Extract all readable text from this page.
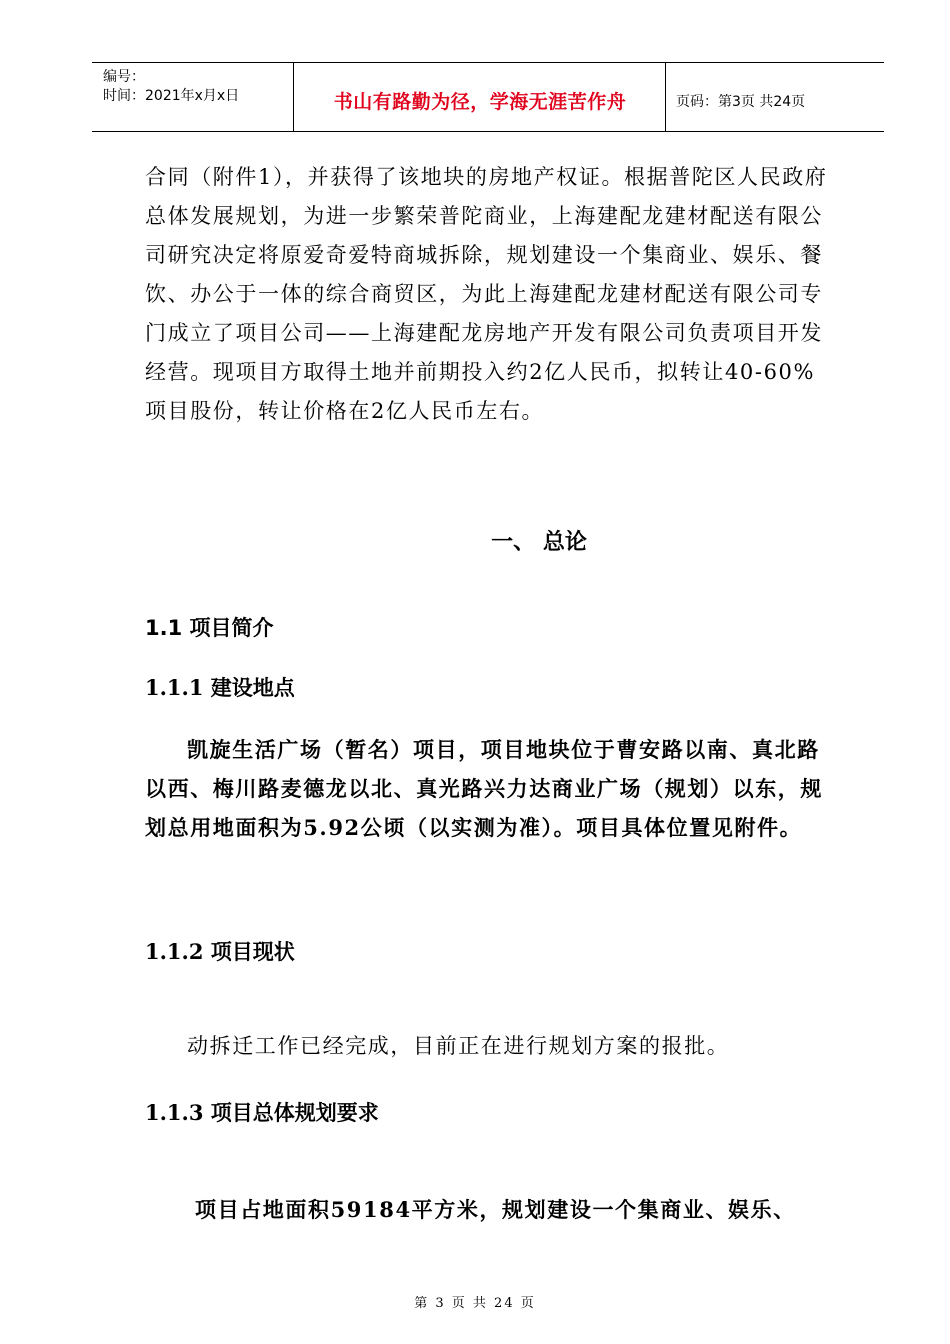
编号：
时间：2021年x月x日	书山有路勤为径，学海无涯苦作舟	页码：第3页 共24页

合同（附件1），并获得了该地块的房地产权证。根据普陀区人民政府总体发展规划，为进一步繁荣普陀商业，上海建配龙建材配送有限公司研究决定将原爱奇爱特商城拆除，规划建设一个集商业、娱乐、餐饮、办公于一体的综合商贸区，为此上海建配龙建材配送有限公司专门成立了项目公司——上海建配龙房地产开发有限公司负责项目开发经营。现项目方取得土地并前期投入约2亿人民币，拟转让40-60%项目股份，转让价格在2亿人民币左右。

一、 总论
1.1 项目简介
1.1.1 建设地点

凯旋生活广场（暂名）项目，项目地块位于曹安路以南、真北路以西、梅川路麦德龙以北、真光路兴力达商业广场（规划）以东，规划总用地面积为5.92公顷（以实测为准）。项目具体位置见附件。

1.1.2 项目现状

动拆迁工作已经完成，目前正在进行规划方案的报批。

1.1.3 项目总体规划要求

项目占地面积59184平方米，规划建设一个集商业、娱乐、

第 3 页 共 24 页
